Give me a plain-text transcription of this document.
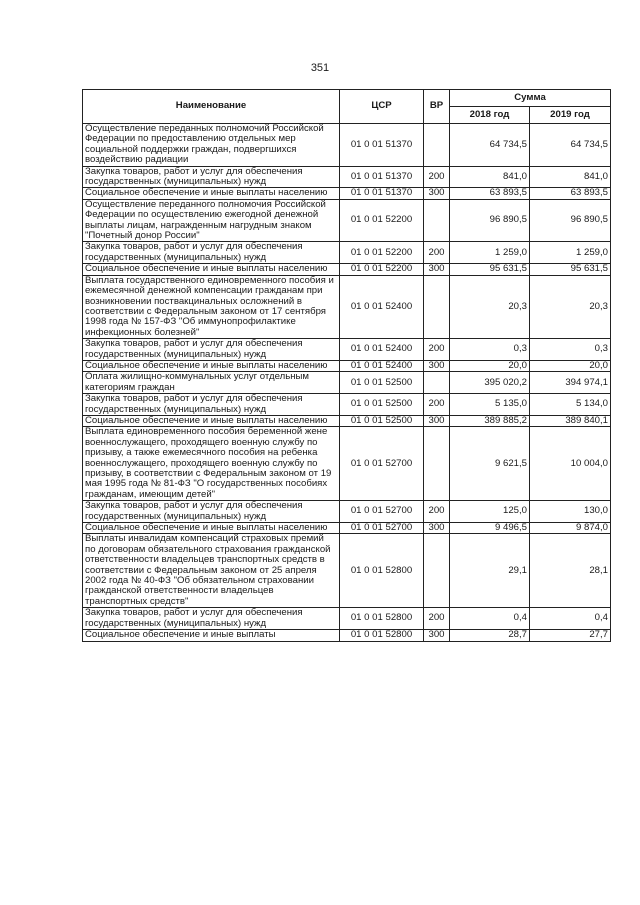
351
Наименование	ЦСР	ВР	Сумма	
			2018 год	2019 год
Осуществление переданных полномочий Российской Федерации по предоставлению отдельных мер социальной поддержки граждан, подвергшихся воздействию радиации	01 0 01 51370		64 734,5	64 734,5
Закупка товаров, работ и услуг для обеспечения государственных (муниципальных) нужд	01 0 01 51370	200	841,0	841,0
Социальное обеспечение и иные выплаты населению	01 0 01 51370	300	63 893,5	63 893,5
Осуществление переданного полномочия Российской Федерации по осуществлению ежегодной денежной выплаты лицам, награжденным нагрудным знаком "Почетный донор России"	01 0 01 52200		96 890,5	96 890,5
Закупка товаров, работ и услуг для обеспечения государственных (муниципальных) нужд	01 0 01 52200	200	1 259,0	1 259,0
Социальное обеспечение и иные выплаты населению	01 0 01 52200	300	95 631,5	95 631,5
Выплата государственного единовременного пособия и ежемесячной денежной компенсации гражданам при возникновении поствакцинальных осложнений в соответствии с Федеральным законом от 17 сентября 1998 года № 157-ФЗ "Об иммунопрофилактике инфекционных болезней"	01 0 01 52400		20,3	20,3
Закупка товаров, работ и услуг для обеспечения государственных (муниципальных) нужд	01 0 01 52400	200	0,3	0,3
Социальное обеспечение и иные выплаты населению	01 0 01 52400	300	20,0	20,0
Оплата жилищно-коммунальных услуг отдельным категориям граждан	01 0 01 52500		395 020,2	394 974,1
Закупка товаров, работ и услуг для обеспечения государственных (муниципальных) нужд	01 0 01 52500	200	5 135,0	5 134,0
Социальное обеспечение и иные выплаты населению	01 0 01 52500	300	389 885,2	389 840,1
Выплата единовременного пособия беременной жене военнослужащего, проходящего военную службу по призыву, а также ежемесячного пособия на ребенка военнослужащего, проходящего военную службу по призыву, в соответствии с Федеральным законом от 19 мая 1995 года № 81-ФЗ "О государственных пособиях гражданам, имеющим детей"	01 0 01 52700		9 621,5	10 004,0
Закупка товаров, работ и услуг для обеспечения государственных (муниципальных) нужд	01 0 01 52700	200	125,0	130,0
Социальное обеспечение и иные выплаты населению	01 0 01 52700	300	9 496,5	9 874,0
Выплаты инвалидам компенсаций страховых премий по договорам обязательного страхования гражданской ответственности владельцев транспортных средств в соответствии с Федеральным законом от 25 апреля 2002 года № 40-ФЗ "Об обязательном страховании гражданской ответственности владельцев транспортных средств"	01 0 01 52800		29,1	28,1
Закупка товаров, работ и услуг для обеспечения государственных (муниципальных) нужд	01 0 01 52800	200	0,4	0,4
Социальное обеспечение и иные выплаты	01 0 01 52800	300	28,7	27,7
